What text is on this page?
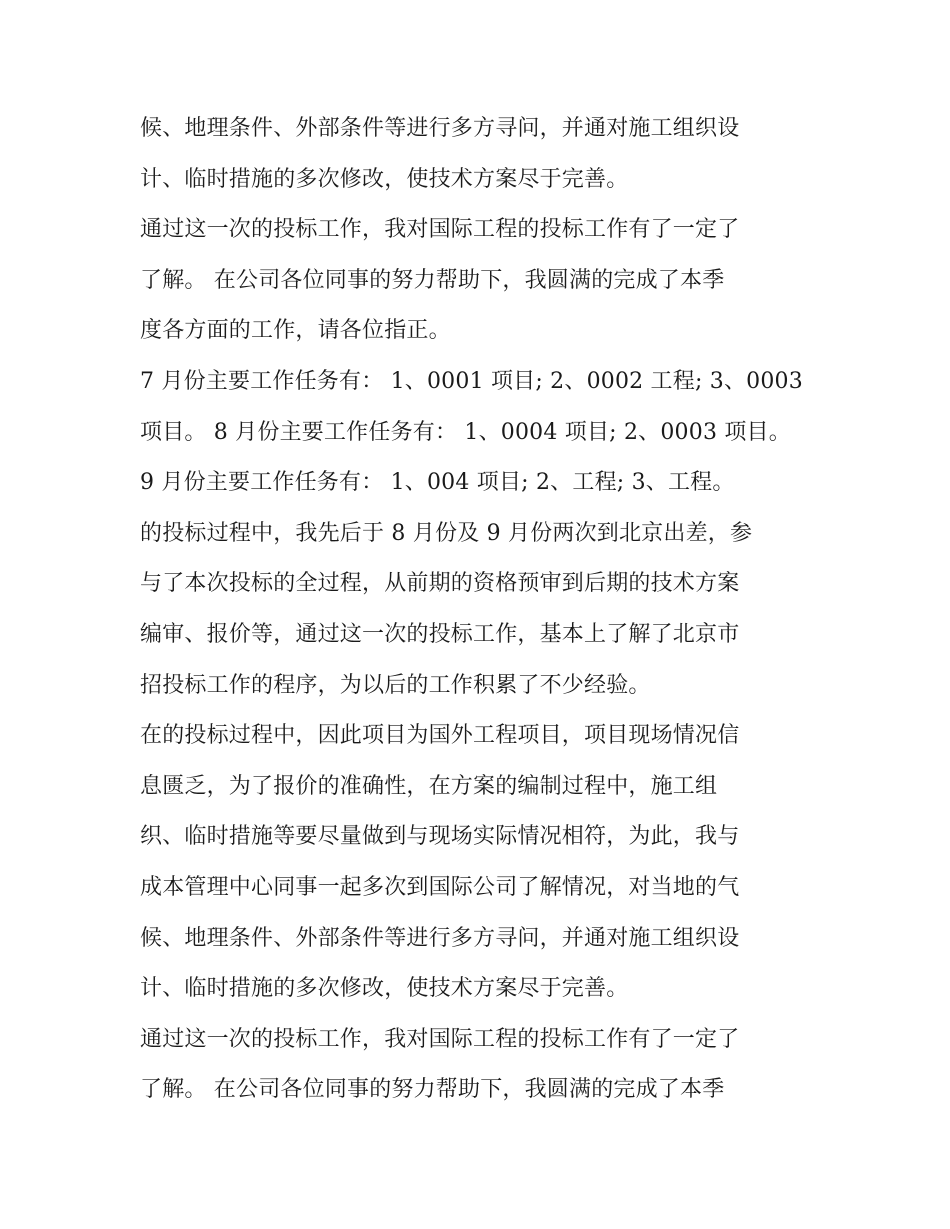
候、地理条件、外部条件等进行多方寻问，并通对施工组织设
计、临时措施的多次修改，使技术方案尽于完善。
通过这一次的投标工作，我对国际工程的投标工作有了一定了
了解。 在公司各位同事的努力帮助下，我圆满的完成了本季
度各方面的工作，请各位指正。
7 月份主要工作任务有： 1、0001 项目; 2、0002 工程; 3、0003
项目。 8 月份主要工作任务有： 1、0004 项目; 2、0003 项目。
9 月份主要工作任务有： 1、004 项目; 2、工程; 3、工程。
的投标过程中，我先后于 8 月份及 9 月份两次到北京出差，参
与了本次投标的全过程，从前期的资格预审到后期的技术方案
编审、报价等，通过这一次的投标工作，基本上了解了北京市
招投标工作的程序，为以后的工作积累了不少经验。
在的投标过程中，因此项目为国外工程项目，项目现场情况信
息匮乏，为了报价的准确性，在方案的编制过程中，施工组
织、临时措施等要尽量做到与现场实际情况相符，为此，我与
成本管理中心同事一起多次到国际公司了解情况，对当地的气
候、地理条件、外部条件等进行多方寻问，并通对施工组织设
计、临时措施的多次修改，使技术方案尽于完善。
通过这一次的投标工作，我对国际工程的投标工作有了一定了
了解。 在公司各位同事的努力帮助下，我圆满的完成了本季
